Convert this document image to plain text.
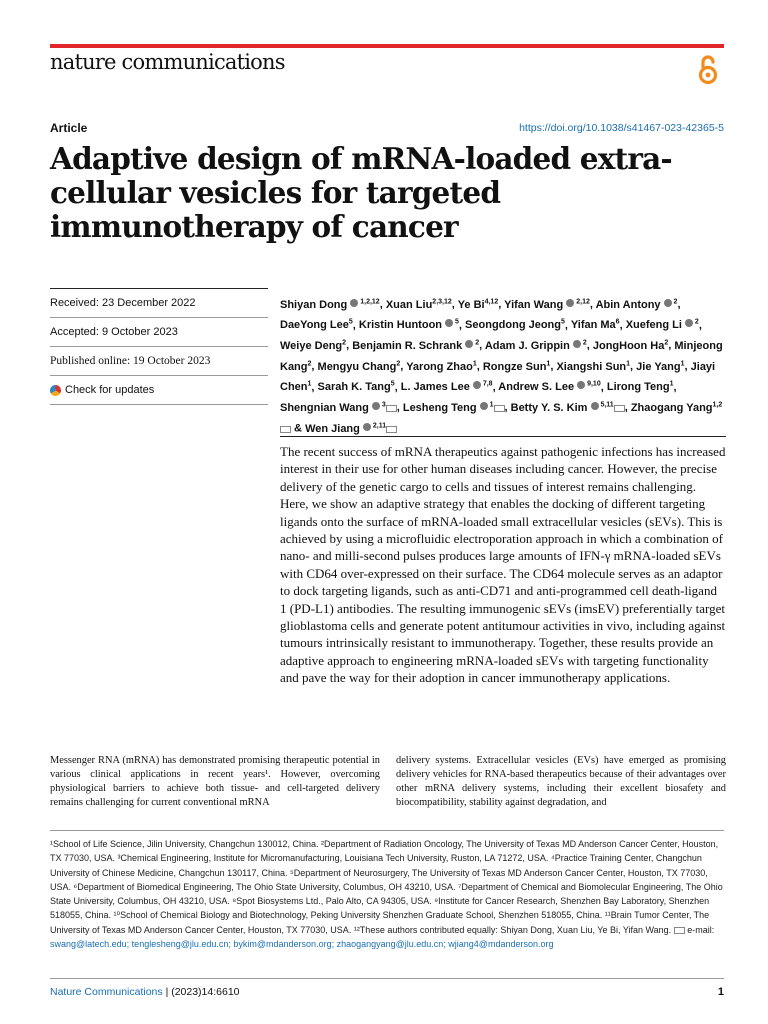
nature communications
Article	https://doi.org/10.1038/s41467-023-42365-5
Adaptive design of mRNA-loaded extra-cellular vesicles for targeted immunotherapy of cancer
Received: 23 December 2022
Accepted: 9 October 2023
Published online: 19 October 2023
Check for updates
Shiyan Dong  $^{1,2,12}$, Xuan Liu$^{2,3,12}$, Ye Bi$^{4,12}$, Yifan Wang  $^{2,12}$, Abin Antony  $^2$, DaeYong Lee$^5$, Kristin Huntoon  $^5$, Seongdong Jeong$^5$, Yifan Ma$^6$, Xuefeng Li  $^2$, Weiye Deng$^2$, Benjamin R. Schrank  $^2$, Adam J. Grippin  $^2$, JongHoon Ha$^2$, Minjeong Kang$^2$, Mengyu Chang$^2$, Yarong Zhao$^1$, Rongze Sun$^1$, Xiangshi Sun$^1$, Jie Yang$^1$, Jiayi Chen$^1$, Sarah K. Tang$^5$, L. James Lee  $^{7,8}$, Andrew S. Lee  $^{9,10}$, Lirong Teng$^1$, Shengnian Wang  $^3$ , Lesheng Teng  $^1$ , Betty Y. S. Kim  $^{5,11}$ , Zhaogang Yang$^{1,2}$ & Wen Jiang  $^{2,11}$
The recent success of mRNA therapeutics against pathogenic infections has increased interest in their use for other human diseases including cancer. However, the precise delivery of the genetic cargo to cells and tissues of interest remains challenging. Here, we show an adaptive strategy that enables the docking of different targeting ligands onto the surface of mRNA-loaded small extracellular vesicles (sEVs). This is achieved by using a microfluidic electroporation approach in which a combination of nano- and milli-second pulses produces large amounts of IFN-γ mRNA-loaded sEVs with CD64 over-expressed on their surface. The CD64 molecule serves as an adaptor to dock targeting ligands, such as anti-CD71 and anti-programmed cell death-ligand 1 (PD-L1) antibodies. The resulting immunogenic sEVs (imsEV) preferentially target glioblastoma cells and generate potent antitumour activities in vivo, including against tumours intrinsically resistant to immunotherapy. Together, these results provide an adaptive approach to engineering mRNA-loaded sEVs with targeting functionality and pave the way for their adoption in cancer immunotherapy applications.
Messenger RNA (mRNA) has demonstrated promising therapeutic potential in various clinical applications in recent years¹. However, overcoming physiological barriers to achieve both tissue- and cell-targeted delivery remains challenging for current conventional mRNA
delivery systems. Extracellular vesicles (EVs) have emerged as promising delivery vehicles for RNA-based therapeutics because of their advantages over other mRNA delivery systems, including their excellent biosafety and biocompatibility, stability against degradation, and
¹School of Life Science, Jilin University, Changchun 130012, China. ²Department of Radiation Oncology, The University of Texas MD Anderson Cancer Center, Houston, TX 77030, USA. ³Chemical Engineering, Institute for Micromanufacturing, Louisiana Tech University, Ruston, LA 71272, USA. ⁴Practice Training Center, Changchun University of Chinese Medicine, Changchun 130117, China. ⁵Department of Neurosurgery, The University of Texas MD Anderson Cancer Center, Houston, TX 77030, USA. ⁶Department of Biomedical Engineering, The Ohio State University, Columbus, OH 43210, USA. ⁷Department of Chemical and Biomolecular Engineering, The Ohio State University, Columbus, OH 43210, USA. ⁸Spot Biosystems Ltd., Palo Alto, CA 94305, USA. ⁹Institute for Cancer Research, Shenzhen Bay Laboratory, Shenzhen 518055, China. ¹⁰School of Chemical Biology and Biotechnology, Peking University Shenzhen Graduate School, Shenzhen 518055, China. ¹¹Brain Tumor Center, The University of Texas MD Anderson Cancer Center, Houston, TX 77030, USA. ¹²These authors contributed equally: Shiyan Dong, Xuan Liu, Ye Bi, Yifan Wang. e-mail: swang@latech.edu; tenglesheng@jlu.edu.cn; bykim@mdanderson.org; zhaogangyang@jlu.edu.cn; wjiang4@mdanderson.org
Nature Communications | (2023)14:6610	1
